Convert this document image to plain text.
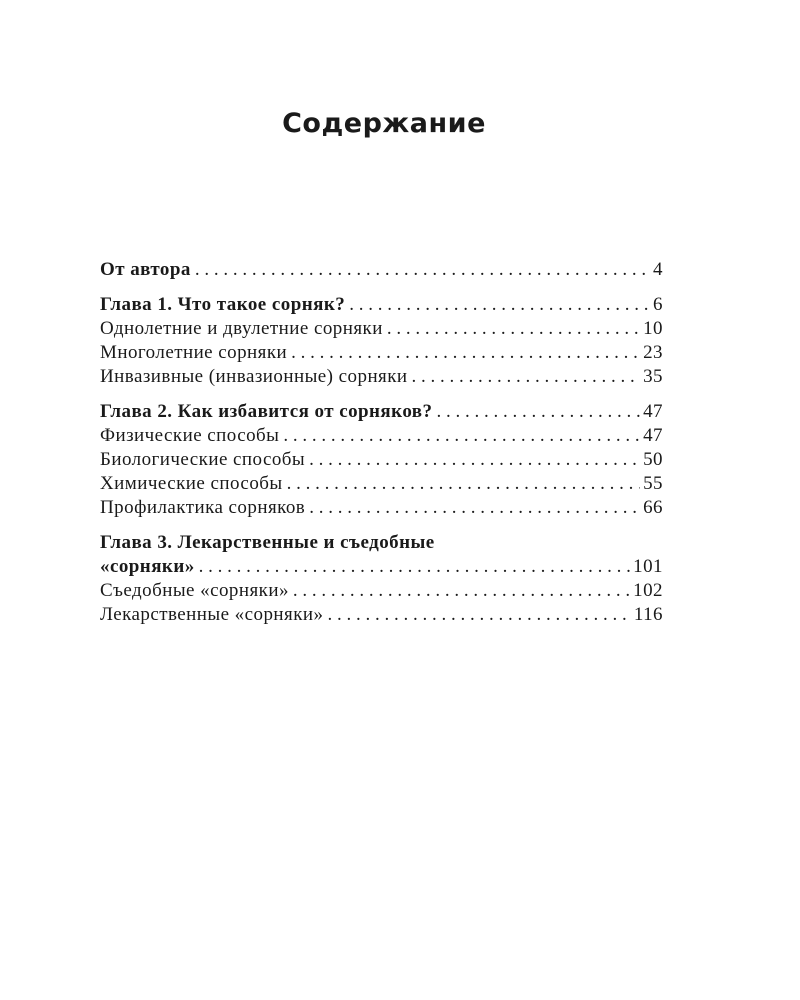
Содержание
От автора . . .	4
Глава 1. Что такое сорняк? . . .	6
Однолетние и двулетние сорняки . . .	10
Многолетние сорняки . . .	23
Инвазивные (инвазионные) сорняки . . .	35
Глава 2. Как избавится от сорняков? . . .	47
Физические способы . . .	47
Биологические способы . . .	50
Химические способы . . .	55
Профилактика сорняков . . .	66
Глава 3. Лекарственные и съедобные
«сорняки» . . .	101
Съедобные «сорняки» . . .	102
Лекарственные «сорняки» . . .	116
